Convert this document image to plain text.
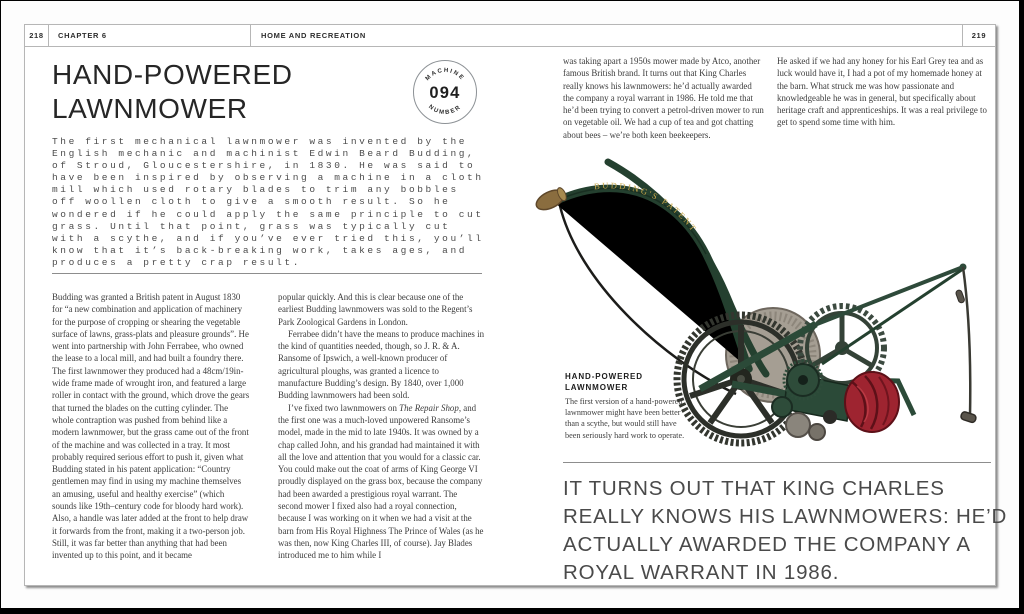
218	CHAPTER 6	HOME AND RECREATION	219
HAND-POWERED
LAWNMOWER
MACHINE
094
NUMBER
The first mechanical lawnmower was invented by the English mechanic and machinist Edwin Beard Budding, of Stroud, Gloucestershire, in 1830. He was said to have been inspired by observing a machine in a cloth mill which used rotary blades to trim any bobbles off woollen cloth to give a smooth result. So he wondered if he could apply the same principle to cut grass. Until that point, grass was typically cut with a scythe, and if you’ve ever tried this, you’ll know that it’s back-breaking work, takes ages, and produces a pretty crap result.

Budding was granted a British patent in August 1830 for “a new combination and application of machinery for the purpose of cropping or shearing the vegetable surface of lawns, grass-plats and pleasure grounds”. He went into partnership with John Ferrabee, who owned the lease to a local mill, and had built a foundry there. The first lawnmower they produced had a 48cm/19in-wide frame made of wrought iron, and featured a large roller in contact with the ground, which drove the gears that turned the blades on the cutting cylinder. The whole contraption was pushed from behind like a modern lawnmower, but the grass came out of the front of the machine and was collected in a tray. It most probably required serious effort to push it, given what Budding stated in his patent application: “Country gentlemen may find in using my machine themselves an amusing, useful and healthy exercise” (which sounds like 19th–century code for bloody hard work). Also, a handle was later added at the front to help draw it forwards from the front, making it a two-person job. Still, it was far better than anything that had been invented up to this point, and it became

popular quickly. And this is clear because one of the earliest Budding lawnmowers was sold to the Regent’s Park Zoological Gardens in London.

Ferrabee didn’t have the means to produce machines in the kind of quantities needed, though, so J. R. & A. Ransome of Ipswich, a well-known producer of agricultural ploughs, was granted a licence to manufacture Budding’s design. By 1840, over 1,000 Budding lawnmowers had been sold.

I’ve fixed two lawnmowers on The Repair Shop, and the first one was a much-loved unpowered Ransome’s model, made in the mid to late 1940s. It was owned by a chap called John, and his grandad had maintained it with all the love and attention that you would for a classic car. You could make out the coat of arms of King George VI proudly displayed on the grass box, because the company had been awarded a prestigious royal warrant. The second mower I fixed also had a royal connection, because I was working on it when we had a visit at the barn from His Royal Highness The Prince of Wales (as he was then, now King Charles III, of course). Jay Blades introduced me to him while I

was taking apart a 1950s mower made by Atco, another famous British brand. It turns out that King Charles really knows his lawnmowers: he’d actually awarded the company a royal warrant in 1986. He told me that he’d been trying to convert a petrol-driven mower to run on vegetable oil. We had a cup of tea and got chatting about bees – we’re both keen beekeepers.

He asked if we had any honey for his Earl Grey tea and as luck would have it, I had a pot of my homemade honey at the barn. What struck me was how passionate and knowledgeable he was in general, but specifically about heritage craft and apprenticeships. It was a real privilege to get to spend some time with him.

BUDDING'S PATENT
HAND-POWERED
LAWNMOWER
The first version of a hand-powered lawnmower might have been better than a scythe, but would still have been seriously hard work to operate.
IT TURNS OUT THAT KING CHARLES
REALLY KNOWS HIS LAWNMOWERS: HE’D
ACTUALLY AWARDED THE COMPANY A
ROYAL WARRANT IN 1986.
